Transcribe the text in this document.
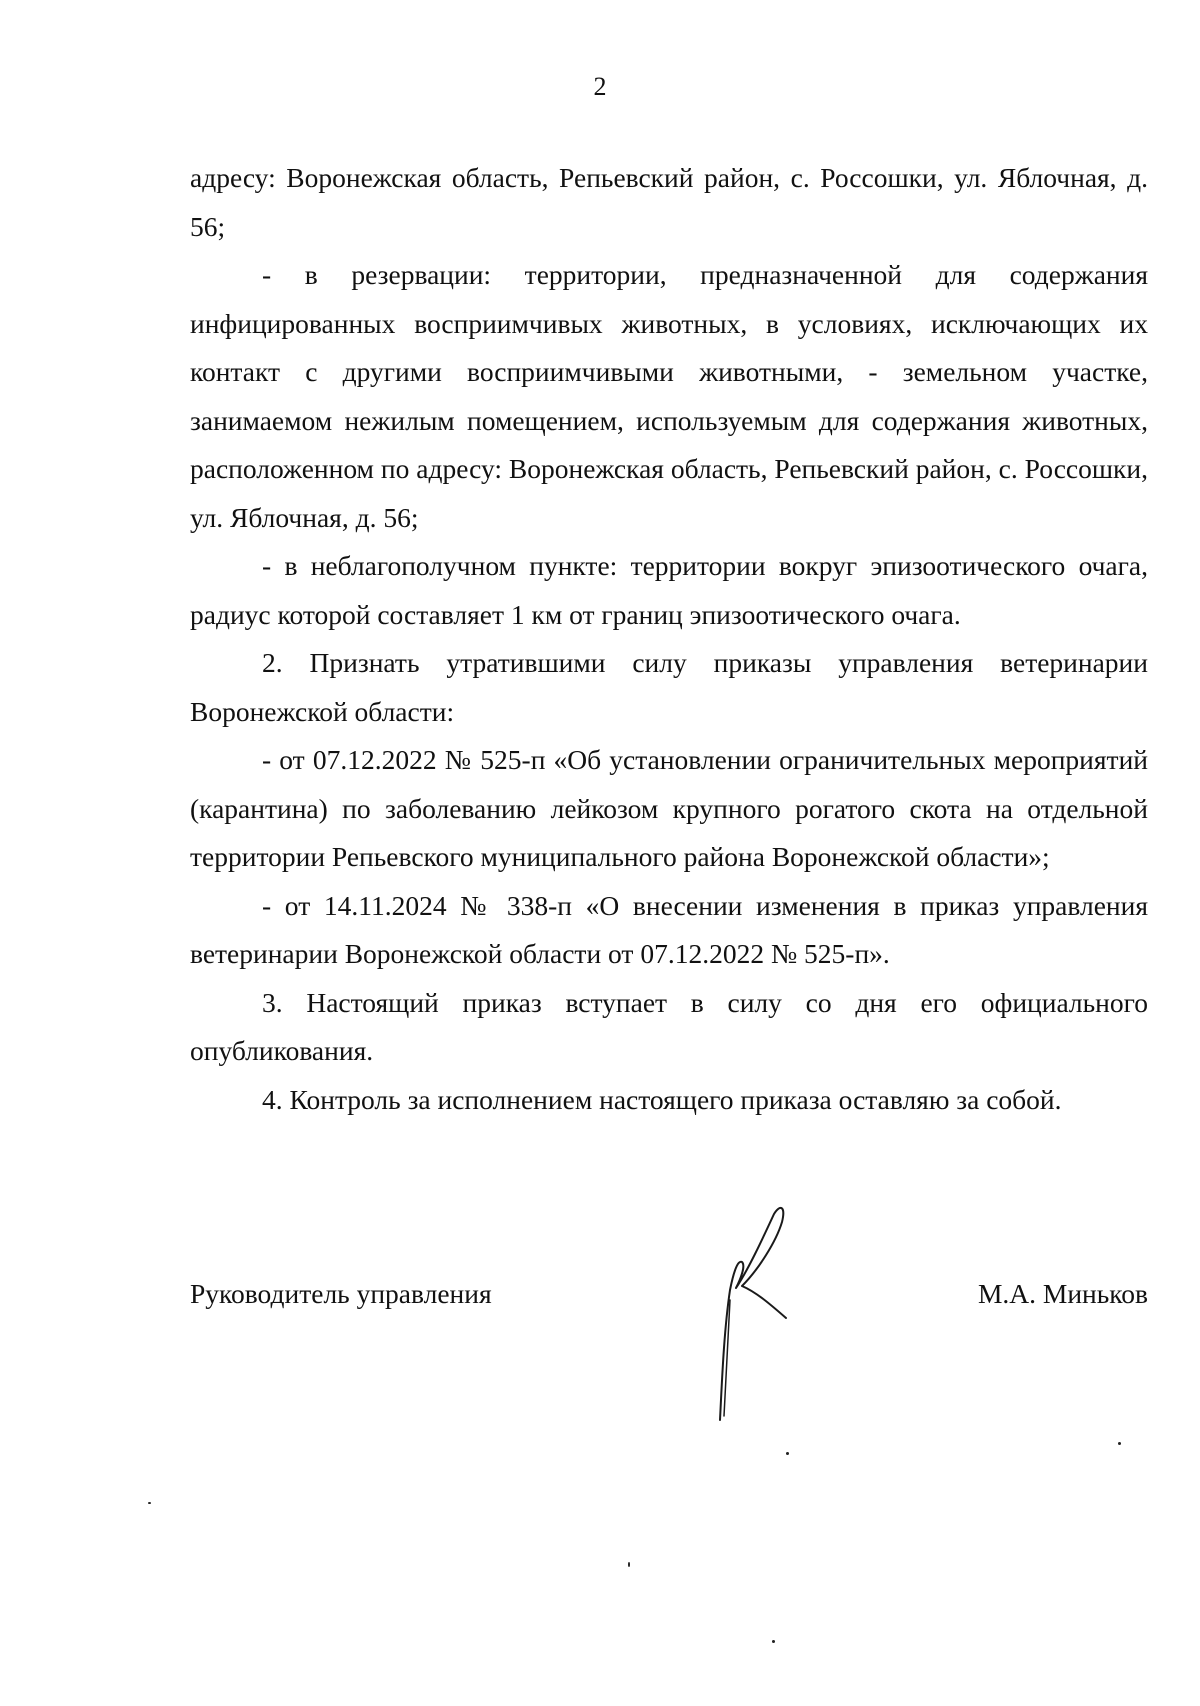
2

адресу: Воронежская область, Репьевский район, с. Россошки, ул. Яблочная, д. 56;

- в резервации: территории, предназначенной для содержания инфицированных восприимчивых животных, в условиях, исключающих их контакт с другими восприимчивыми животными, - земельном участке, занимаемом нежилым помещением, используемым для содержания животных, расположенном по адресу: Воронежская область, Репьевский район, с. Россошки, ул. Яблочная, д. 56;

- в неблагополучном пункте: территории вокруг эпизоотического очага, радиус которой составляет 1 км от границ эпизоотического очага.

2. Признать утратившими силу приказы управления ветеринарии Воронежской области:

- от 07.12.2022 № 525-п «Об установлении ограничительных мероприятий (карантина) по заболеванию лейкозом крупного рогатого скота на отдельной территории Репьевского муниципального района Воронежской области»;

- от 14.11.2024 № 338-п «О внесении изменения в приказ управления ветеринарии Воронежской области от 07.12.2022 № 525-п».

3. Настоящий приказ вступает в силу со дня его официального опубликования.

4. Контроль за исполнением настоящего приказа оставляю за собой.

Руководитель управления	М.А. Миньков
